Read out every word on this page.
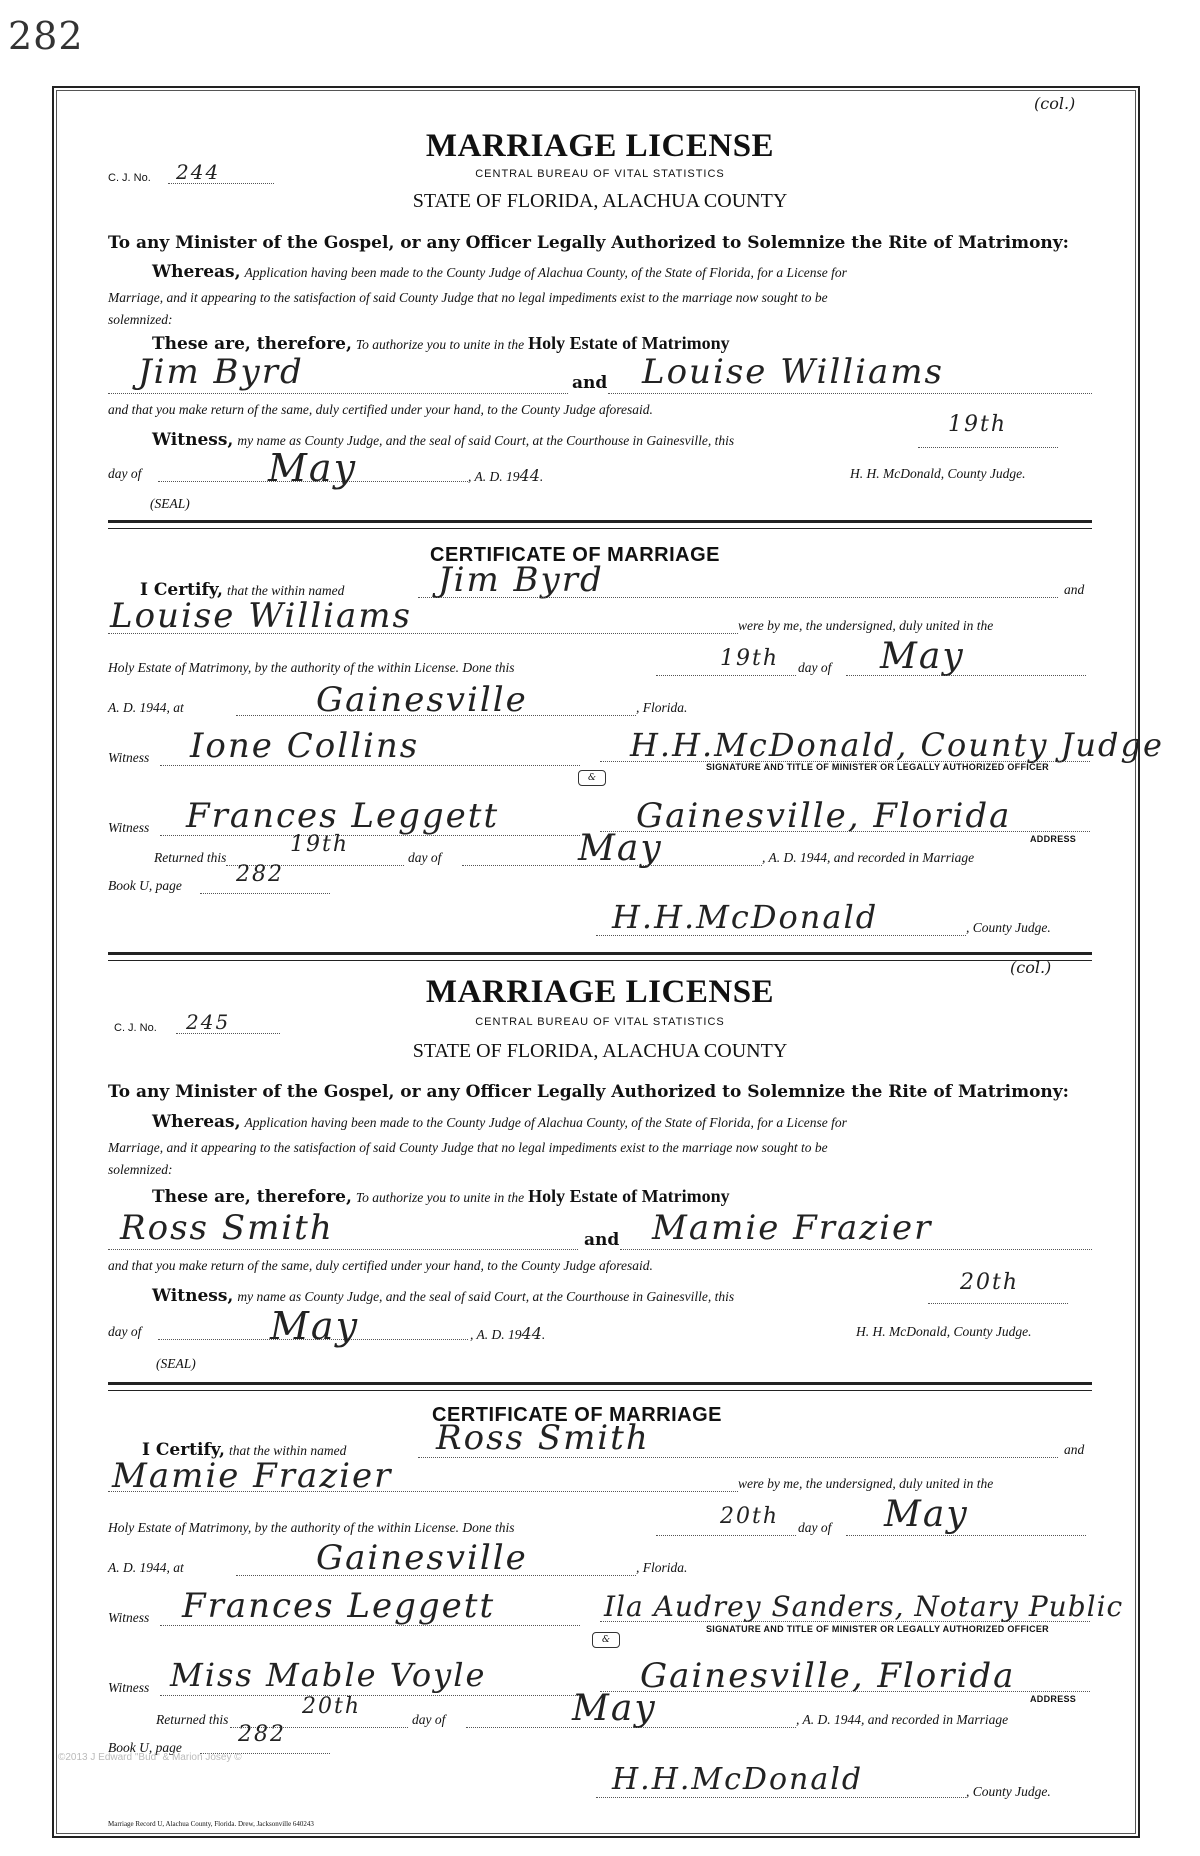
282
(col.)
MARRIAGE LICENSE
C. J. No. 244	CENTRAL BUREAU OF VITAL STATISTICS
STATE OF FLORIDA, ALACHUA COUNTY
To any Minister of the Gospel, or any Officer Legally Authorized to Solemnize the Rite of Matrimony:
Whereas, Application having been made to the County Judge of Alachua County, of the State of Florida, for a License for
Marriage, and it appearing to the satisfaction of said County Judge that no legal impediments exist to the marriage now sought to be
solemnized:
These are, therefore, To authorize you to unite in the Holy Estate of Matrimony
Jim Byrd	and Louise Williams
and that you make return of the same, duly certified under your hand, to the County Judge aforesaid.
Witness, my name as County Judge, and the seal of said Court, at the Courthouse in Gainesville, this
19th
day of	May	, A. D. 1944.	H. H. McDonald, County Judge.
(SEAL)
CERTIFICATE OF MARRIAGE
I Certify, that the within named	Jim Byrd	and
Louise Williams	were by me, the undersigned, duly united in the
Holy Estate of Matrimony, by the authority of the within License. Done this	19th day of May
A. D. 1944, at	Gainesville	, Florida.
Witness Ione Collins	H.H.McDonald, County Judge
SIGNATURE AND TITLE OF MINISTER OR LEGALLY AUTHORIZED OFFICER
&
Witness Frances Leggett	Gainesville, Florida
ADDRESS
Returned this
19th
day of	May	, A. D. 1944, and recorded in Marriage
Book U, page 282
H.H.McDonald	, County Judge.
(col.)
MARRIAGE LICENSE
C. J. No. 245	CENTRAL BUREAU OF VITAL STATISTICS
STATE OF FLORIDA, ALACHUA COUNTY
To any Minister of the Gospel, or any Officer Legally Authorized to Solemnize the Rite of Matrimony:
Whereas, Application having been made to the County Judge of Alachua County, of the State of Florida, for a License for
Marriage, and it appearing to the satisfaction of said County Judge that no legal impediments exist to the marriage now sought to be
solemnized:
These are, therefore, To authorize you to unite in the Holy Estate of Matrimony
Ross Smith	and Mamie Frazier
and that you make return of the same, duly certified under your hand, to the County Judge aforesaid.
Witness, my name as County Judge, and the seal of said Court, at the Courthouse in Gainesville, this
20th
day of	May	, A. D. 1944.	H. H. McDonald, County Judge.
(SEAL)
CERTIFICATE OF MARRIAGE
I Certify, that the within named	Ross Smith	and
Mamie Frazier	were by me, the undersigned, duly united in the
Holy Estate of Matrimony, by the authority of the within License. Done this	20th day of May
A. D. 1944, at	Gainesville	, Florida.
Witness Frances Leggett	Ila Audrey Sanders, Notary Public
SIGNATURE AND TITLE OF MINISTER OR LEGALLY AUTHORIZED OFFICER
&
Witness Miss Mable Voyle	Gainesville, Florida
ADDRESS
Returned this
20th
day of	May	, A. D. 1944, and recorded in Marriage
Book U, page
282
©2013 J Edward "Bud" & Marion Josey ©
H.H.McDonald	, County Judge.
Marriage Record U, Alachua County, Florida. Drew, Jacksonville 640243
